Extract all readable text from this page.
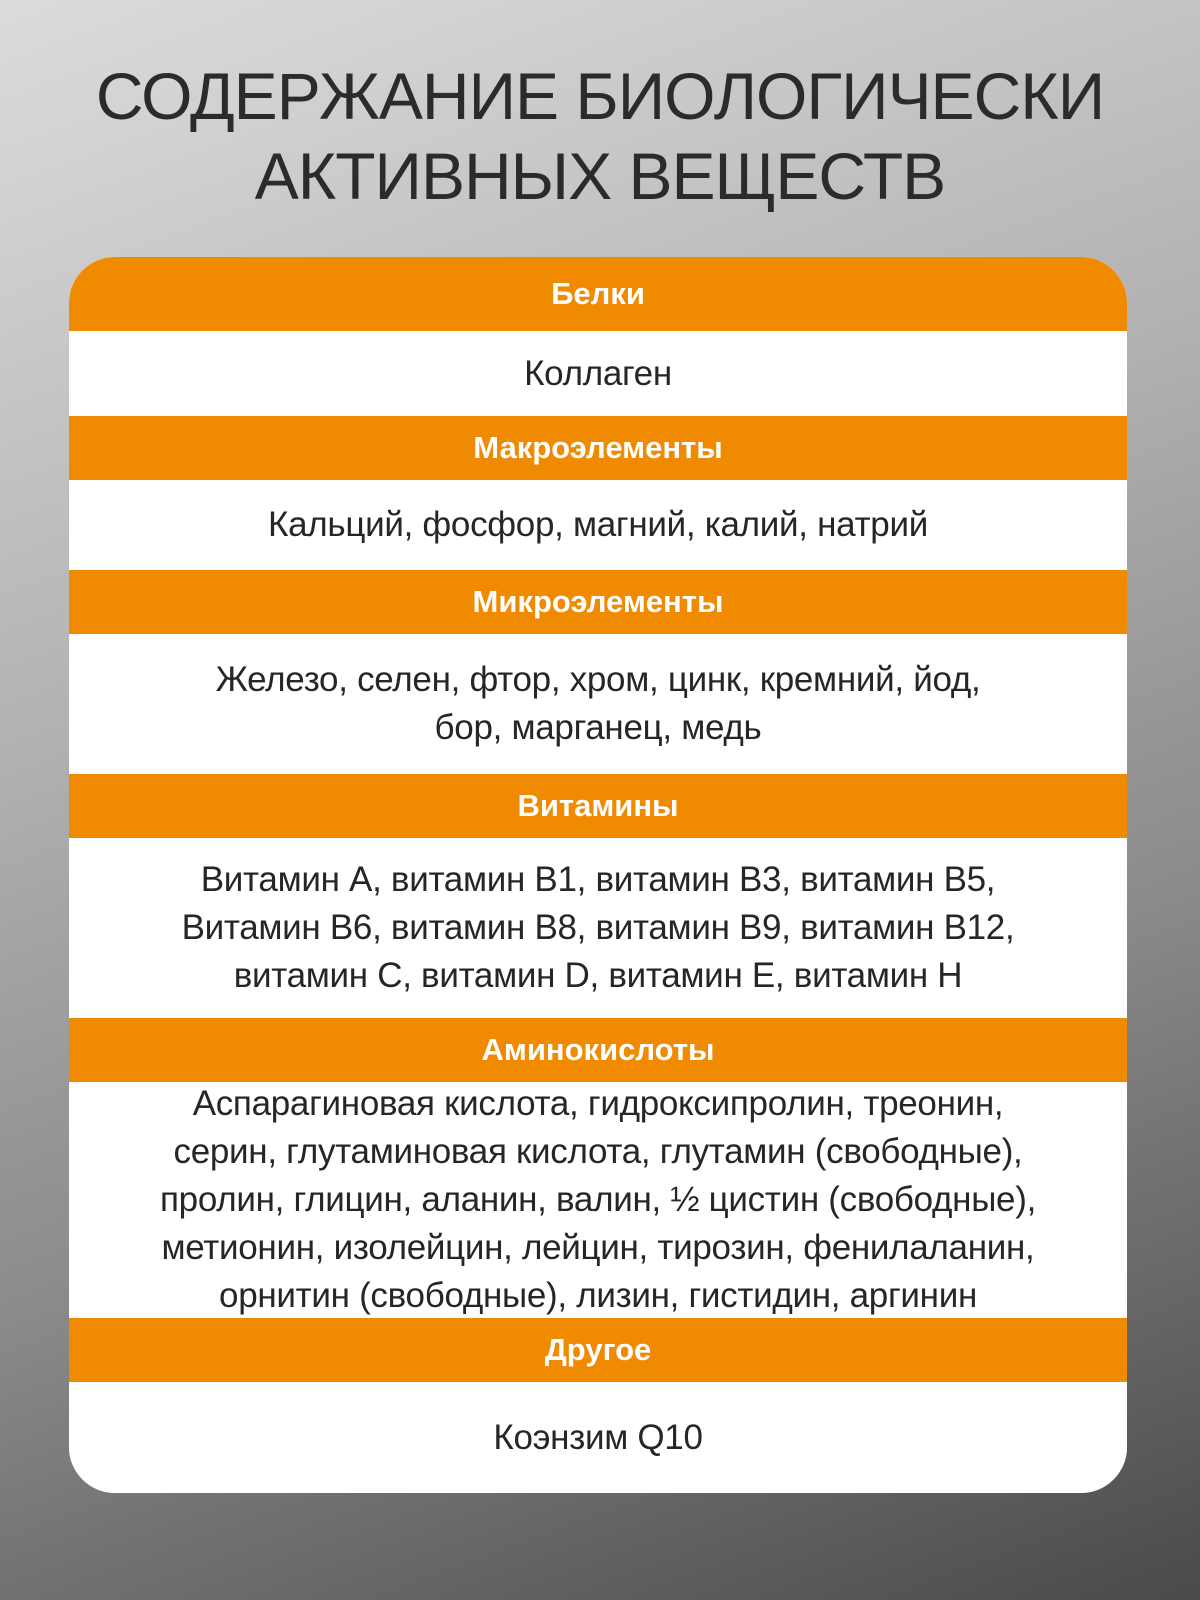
СОДЕРЖАНИЕ БИОЛОГИЧЕСКИ
АКТИВНЫХ ВЕЩЕСТВ
Белки
Коллаген
Макроэлементы
Кальций, фосфор, магний, калий, натрий
Микроэлементы
Железо, селен, фтор, хром, цинк, кремний, йод,
бор, марганец, медь
Витамины
Витамин А, витамин В1, витамин В3, витамин В5,
Витамин В6, витамин В8, витамин В9, витамин В12,
витамин С, витамин D, витамин Е, витамин Н
Аминокислоты
Аспарагиновая кислота, гидроксипролин, треонин,
серин, глутаминовая кислота, глутамин (свободные),
пролин, глицин, аланин, валин, ½ цистин (свободные),
метионин, изолейцин, лейцин, тирозин, фенилаланин,
орнитин (свободные), лизин, гистидин, аргинин
Другое
Коэнзим Q10
